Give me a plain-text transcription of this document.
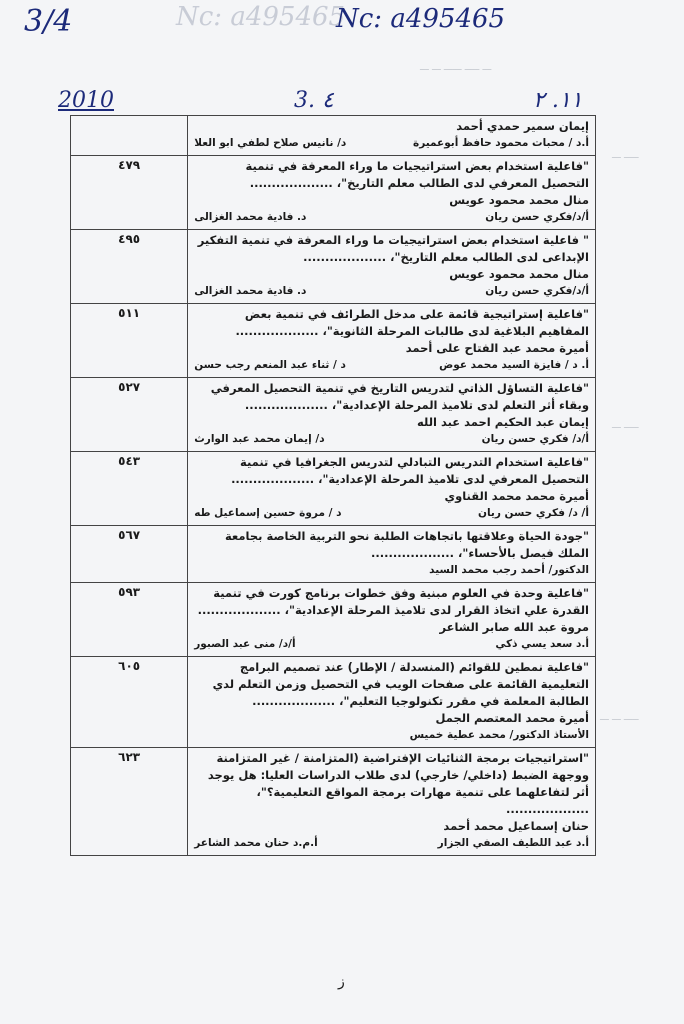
ـــ ـــــ ــــــ ـــ ـــ
ـــــ ـــ
ـــــ ـــ
ـــــ ـــ ـــ
3/4	Nc: a495465
Nc: a495465
2010	3. ٤	١١. ٢
إيمان سمير حمدي أحمد
أ.د / محبات محمود حافظ أبوعميرة
د/ نانيس صلاح لطفي ابو العلا	

"فاعلية استخدام بعض استراتيجيات ما وراء المعرفة في تنمية التحصيل المعرفي لدى الطالب معلم التاريخ"، ...................
منال محمد محمود عويس
أ/د/فكري حسن ريان
د. فادية محمد الغزالى	٤٧٩

" فاعلية استخدام بعض استراتيجيات ما وراء المعرفة في تنمية التفكير الإبداعى لدى الطالب معلم التاريخ"، ...................
منال محمد محمود عويس
أ/د/فكري حسن ريان
د. فادية محمد الغزالى	٤٩٥

"فاعلية إستراتيجية قائمة على مدخل الطرائف في تنمية بعض المفاهيم البلاغية لدى طالبات المرحلة الثانوية"، ...................
أميرة محمد عبد الفتاح على أحمد
أ. د / فايزة السيد محمد عوض
د / ثناء عبد المنعم رجب حسن	٥١١

"فاعلية التساؤل الذاتي لتدريس التاريخ في تنمية التحصيل المعرفي وبقاء أثر التعلم لدى تلاميذ المرحلة الإعدادية"، ...................
إيمان عبد الحكيم احمد عبد الله
أ/د/ فكري حسن ريان
د/ إيمان محمد عبد الوارث	٥٢٧

"فاعلية استخدام التدريس التبادلي لتدريس الجغرافيا في تنمية التحصيل المعرفي لدى تلاميذ المرحلة الإعدادية"، ...................
أميرة محمد محمد القناوي
أ/ د/ فكري حسن ريان
د / مروة حسين إسماعيل طه	٥٤٣

"جودة الحياة وعلاقتها باتجاهات الطلبة نحو التربية الخاصة بجامعة الملك فيصل بالأحساء"، ...................
الدكتور/ أحمد رجب محمد السيد	٥٦٧

"فاعلية وحدة في العلوم مبنية وفق خطوات برنامج كورت في تنمية القدرة علي اتخاذ القرار لدى تلاميذ المرحلة الإعدادية"، ...................
مروة عبد الله صابر الشاعر
أ.د سعد يسي ذكي
أ/د/ منى عبد الصبور	٥٩٣

"فاعلية نمطين للقوائم (المنسدلة / الإطار) عند تصميم البرامج التعليمية القائمة على صفحات الويب في التحصيل وزمن التعلم لدي الطالبة المعلمة في مقرر تكنولوجيا التعليم"، ...................
أميرة محمد المعتصم الجمل
الأستاذ الدكتور/ محمد عطية خميس	٦٠٥

"استراتيجيات برمجة الثنائيات الإفتراضية (المتزامنة / غير المتزامنة ووجهة الضبط (داخلي/ خارجي) لدى طلاب الدراسات العليا: هل يوجد أثر لتفاعلهما على تنمية مهارات برمجة المواقع التعليمية؟"، ...................
حنان إسماعيل محمد أحمد
أ.د عبد اللطيف الصفي الجزار
أ.م.د حنان محمد الشاعر	٦٢٣
ز
